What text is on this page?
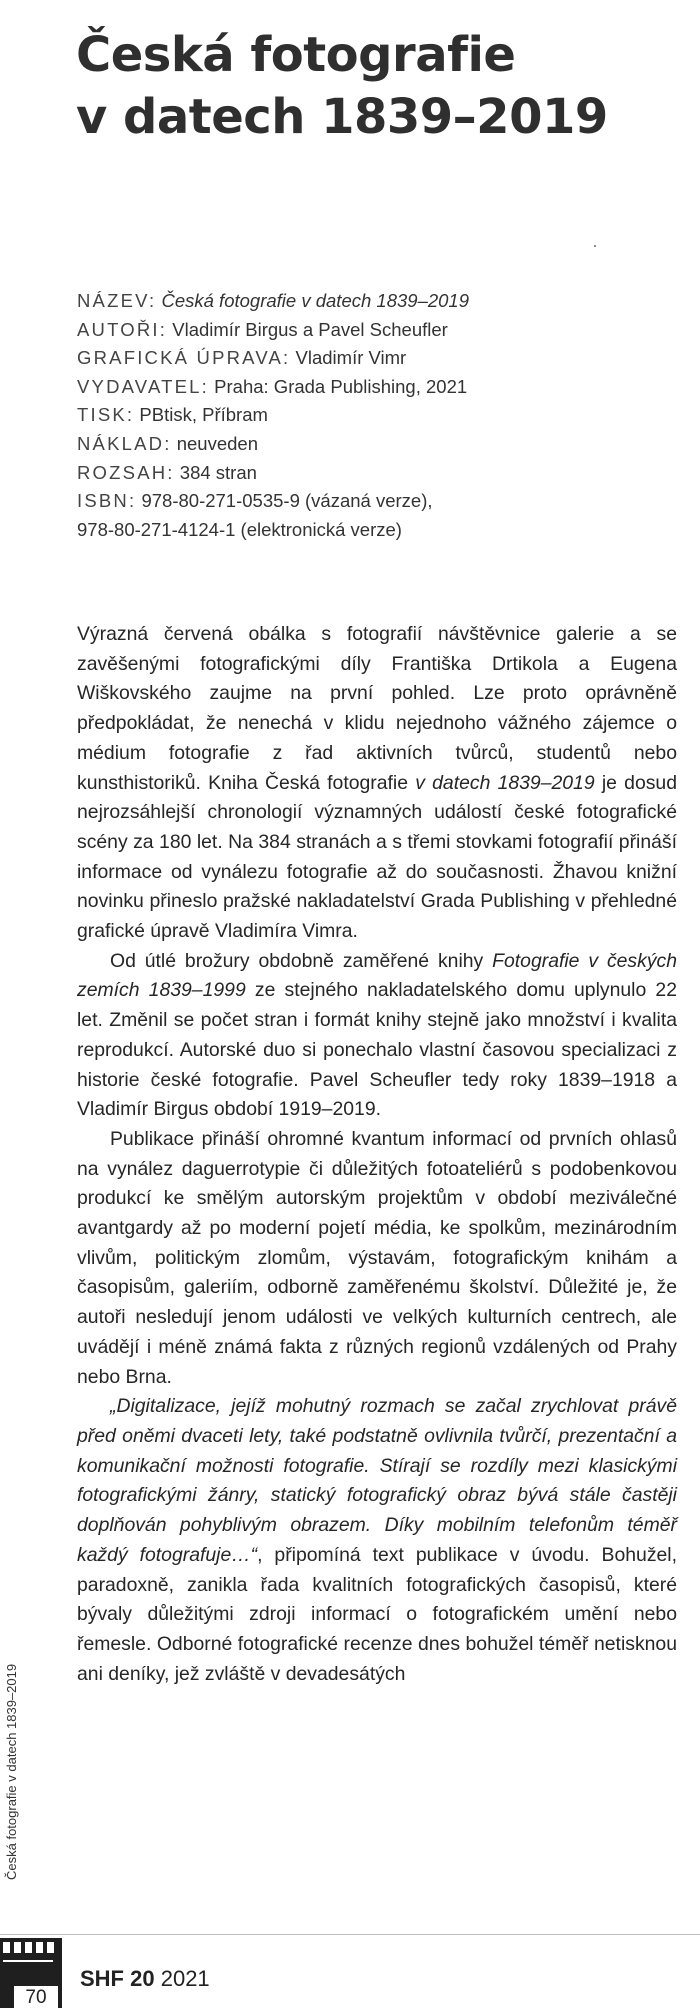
Česká fotografie
v datech 1839–2019
NÁZEV: Česká fotografie v datech 1839–2019
AUTOŘI: Vladimír Birgus a Pavel Scheufler
GRAFICKÁ ÚPRAVA: Vladimír Vimr
VYDAVATEL: Praha: Grada Publishing, 2021
TISK: PBtisk, Příbram
NÁKLAD: neuveden
ROZSAH: 384 stran
ISBN: 978-80-271-0535-9 (vázaná verze),
978-80-271-4124-1 (elektronická verze)

Výrazná červená obálka s fotografií návštěvnice galerie a se zavěšenými fotografickými díly Františka Drtikola a Eugena Wiškovského zaujme na první pohled. Lze proto oprávněně předpokládat, že nenechá v klidu nejednoho vážného zájemce o médium fotografie z řad aktivních tvůrců, studentů nebo kunsthistoriků. Kniha Česká fotografie v datech 1839–2019 je dosud nejrozsáhlejší chronologií významných událostí české fotografické scény za 180 let. Na 384 stranách a s třemi stovkami fotografií přináší informace od vynálezu fotografie až do současnosti. Žhavou knižní novinku přineslo pražské nakladatelství Grada Publishing v přehledné grafické úpravě Vladimíra Vimra.

Od útlé brožury obdobně zaměřené knihy Fotografie v českých zemích 1839–1999 ze stejného nakladatelského domu uplynulo 22 let. Změnil se počet stran i formát knihy stejně jako množství i kvalita reprodukcí. Autorské duo si ponechalo vlastní časovou specializaci z historie české fotografie. Pavel Scheufler tedy roky 1839–1918 a Vladimír Birgus období 1919–2019.

Publikace přináší ohromné kvantum informací od prvních ohlasů na vynález daguerrotypie či důležitých fotoateliérů s podobenkovou produkcí ke smělým autorským projektům v období meziválečné avantgardy až po moderní pojetí média, ke spolkům, mezinárodním vlivům, politickým zlomům, výstavám, fotografickým knihám a časopisům, galeriím, odborně zaměřenému školství. Důležité je, že autoři nesledují jenom události ve velkých kulturních centrech, ale uvádějí i méně známá fakta z různých regionů vzdálených od Prahy nebo Brna.

„Digitalizace, jejíž mohutný rozmach se začal zrychlovat právě před oněmi dvaceti lety, také podstatně ovlivnila tvůrčí, prezentační a komunikační možnosti fotografie. Stírají se rozdíly mezi klasickými fotografickými žánry, statický fotografický obraz bývá stále častěji doplňován pohyblivým obrazem. Díky mobilním telefonům téměř každý fotografuje…“, připomíná text publikace v úvodu. Bohužel, paradoxně, zanikla řada kvalitních fotografických časopisů, které bývaly důležitými zdroji informací o fotografickém umění nebo řemesle. Odborné fotografické recenze dnes bohužel téměř netisknou ani deníky, jež zvláště v devadesátých

Česká fotografie v datech 1839–2019
70
SHF 20 2021
